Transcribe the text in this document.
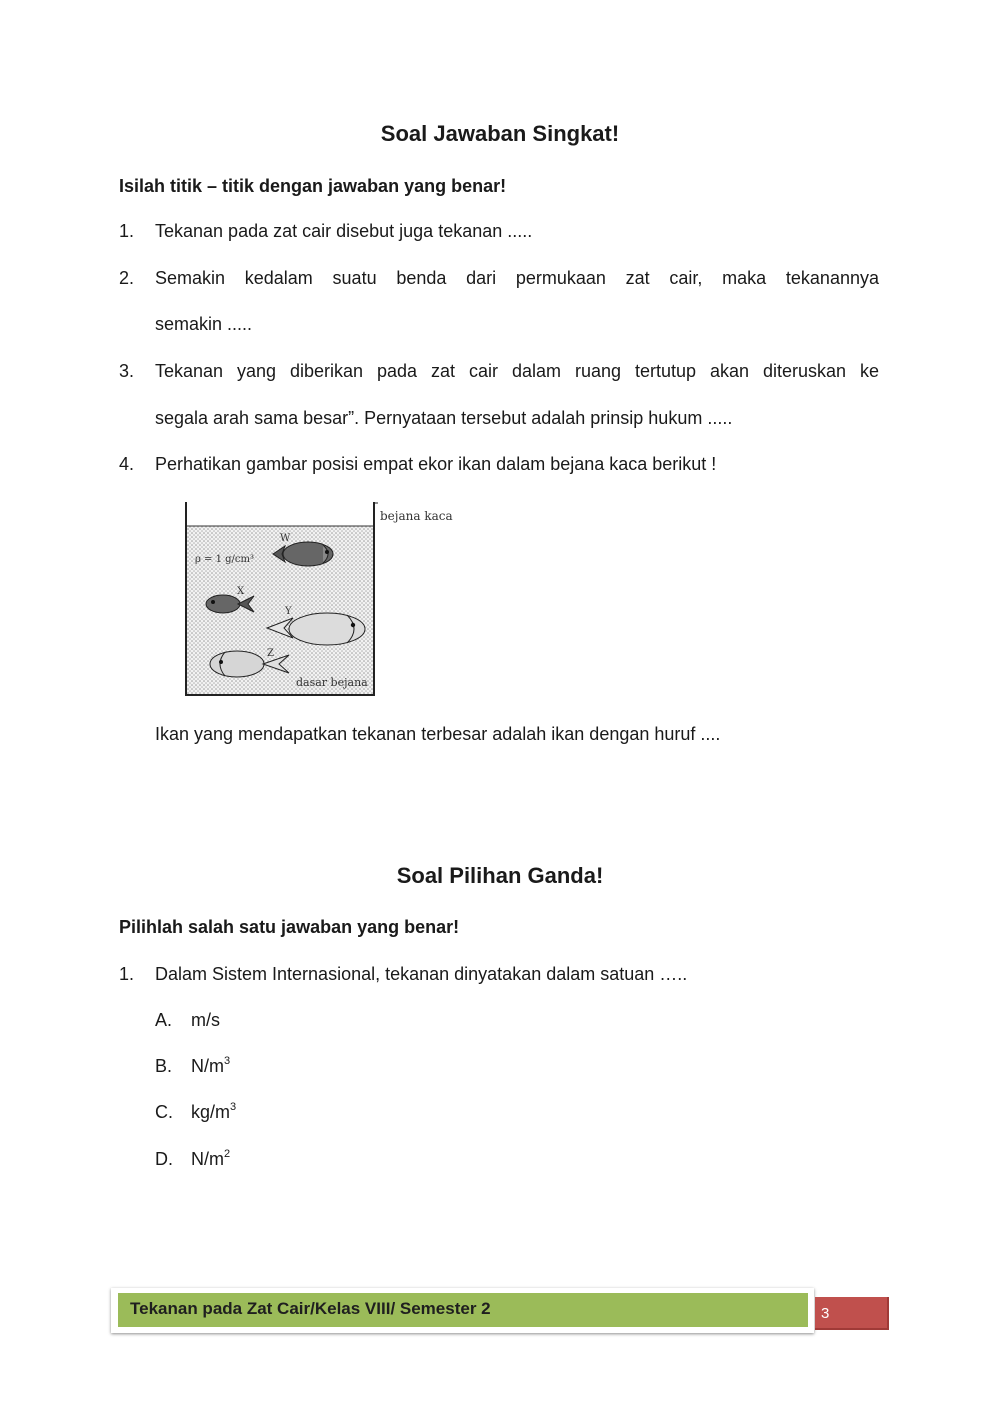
Soal Jawaban Singkat!
Isilah titik – titik dengan jawaban yang benar!
1. Tekanan pada zat cair disebut juga tekanan .....
2. Semakin kedalam suatu benda dari permukaan zat cair, maka tekanannya
semakin .....
3. Tekanan yang diberikan pada zat cair dalam ruang tertutup akan diteruskan ke
segala arah sama besar”. Pernyataan tersebut adalah prinsip hukum .....
4. Perhatikan gambar posisi empat ekor ikan dalam bejana kaca berikut !
bejana kaca
ρ = 1 g/cm³
dasar bejana
W
X
Y
Z
Ikan yang mendapatkan tekanan terbesar adalah ikan dengan huruf ....
Soal Pilihan Ganda!
Pilihlah salah satu jawaban yang benar!
1. Dalam Sistem Internasional, tekanan dinyatakan dalam satuan …..
A. m/s
B. $N/m^3$
C. $kg/m^3$
D. $N/m^2$
Tekanan pada Zat Cair/Kelas VIII/ Semester 2	3
